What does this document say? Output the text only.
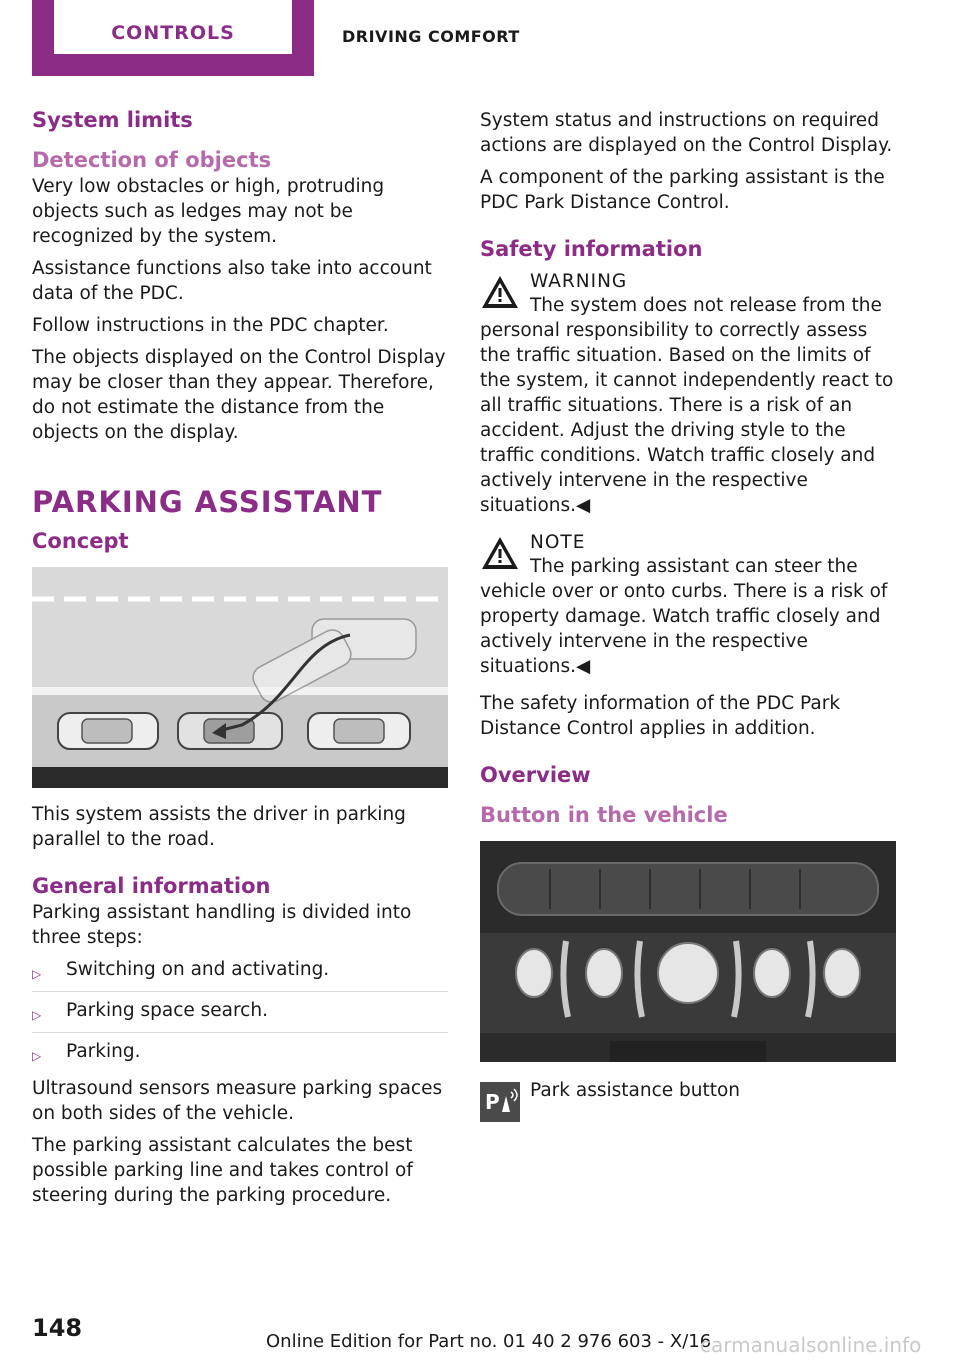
CONTROLS	DRIVING COMFORT
System limits
Detection of objects

Very low obstacles or high, protruding objects such as ledges may not be recognized by the system.

Assistance functions also take into account data of the PDC.

Follow instructions in the PDC chapter.

The objects displayed on the Control Display may be closer than they appear. Therefore, do not estimate the distance from the objects on the display.

PARKING ASSISTANT
Concept

This system assists the driver in parking parallel to the road.

General information

Parking assistant handling is divided into three steps:

▷	Switching on and activating.
▷	Parking space search.
▷	Parking.

Ultrasound sensors measure parking spaces on both sides of the vehicle.

The parking assistant calculates the best possible parking line and takes control of steering during the parking procedure.

System status and instructions on required actions are displayed on the Control Display.

A component of the parking assistant is the PDC Park Distance Control.

Safety information
WARNING

The system does not release from the personal responsibility to correctly assess the traffic situation. Based on the limits of the system, it cannot independently react to all traffic situations. There is a risk of an accident. Adjust the driving style to the traffic conditions. Watch traffic closely and actively intervene in the respective situations.◀

NOTE

The parking assistant can steer the vehicle over or onto curbs. There is a risk of property damage. Watch traffic closely and actively intervene in the respective situations.◀

The safety information of the PDC Park Distance Control applies in addition.

Overview
Button in the vehicle
P Park assistance button

148	Online Edition for Part no. 01 40 2 976 603 - X/16
carmanualsonline.info
